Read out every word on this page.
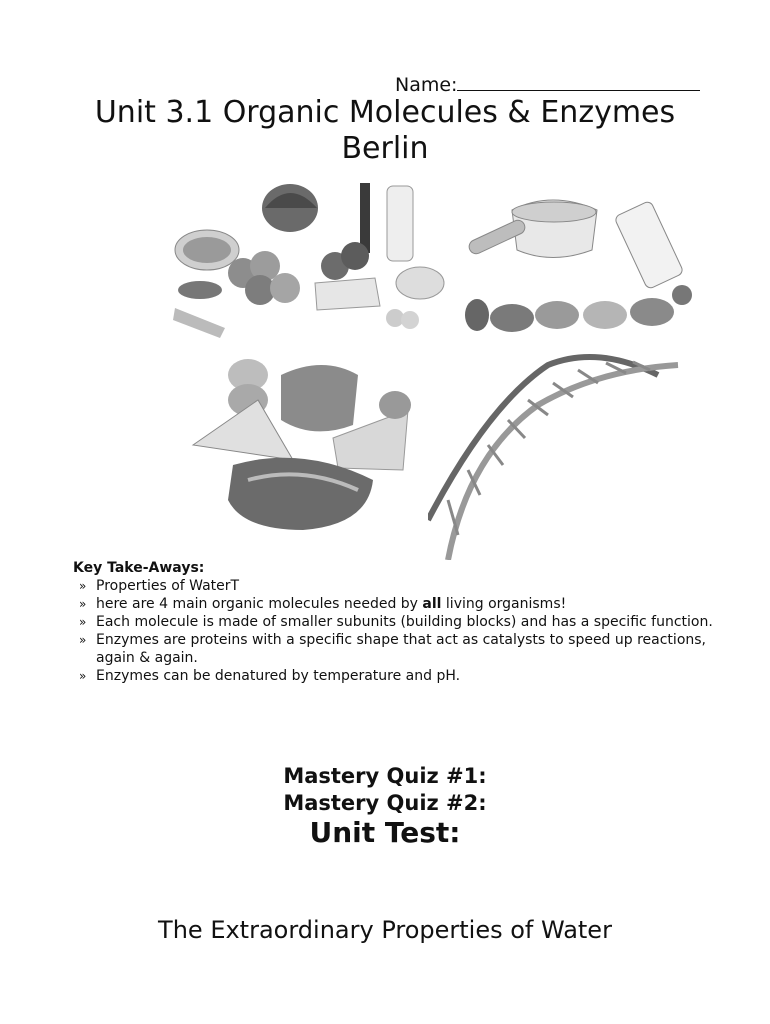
Name:
Unit 3.1 Organic Molecules & Enzymes
Berlin
Key Take-Aways:
» Properties of WaterT
» here are 4 main organic molecules needed by all living organisms!
» Each molecule is made of smaller subunits (building blocks) and has a specific function.
» Enzymes are proteins with a specific shape that act as catalysts to speed up reactions, again & again.
» Enzymes can be denatured by temperature and pH.
Mastery Quiz #1:
Mastery Quiz #2:
Unit Test:
The Extraordinary Properties of Water
